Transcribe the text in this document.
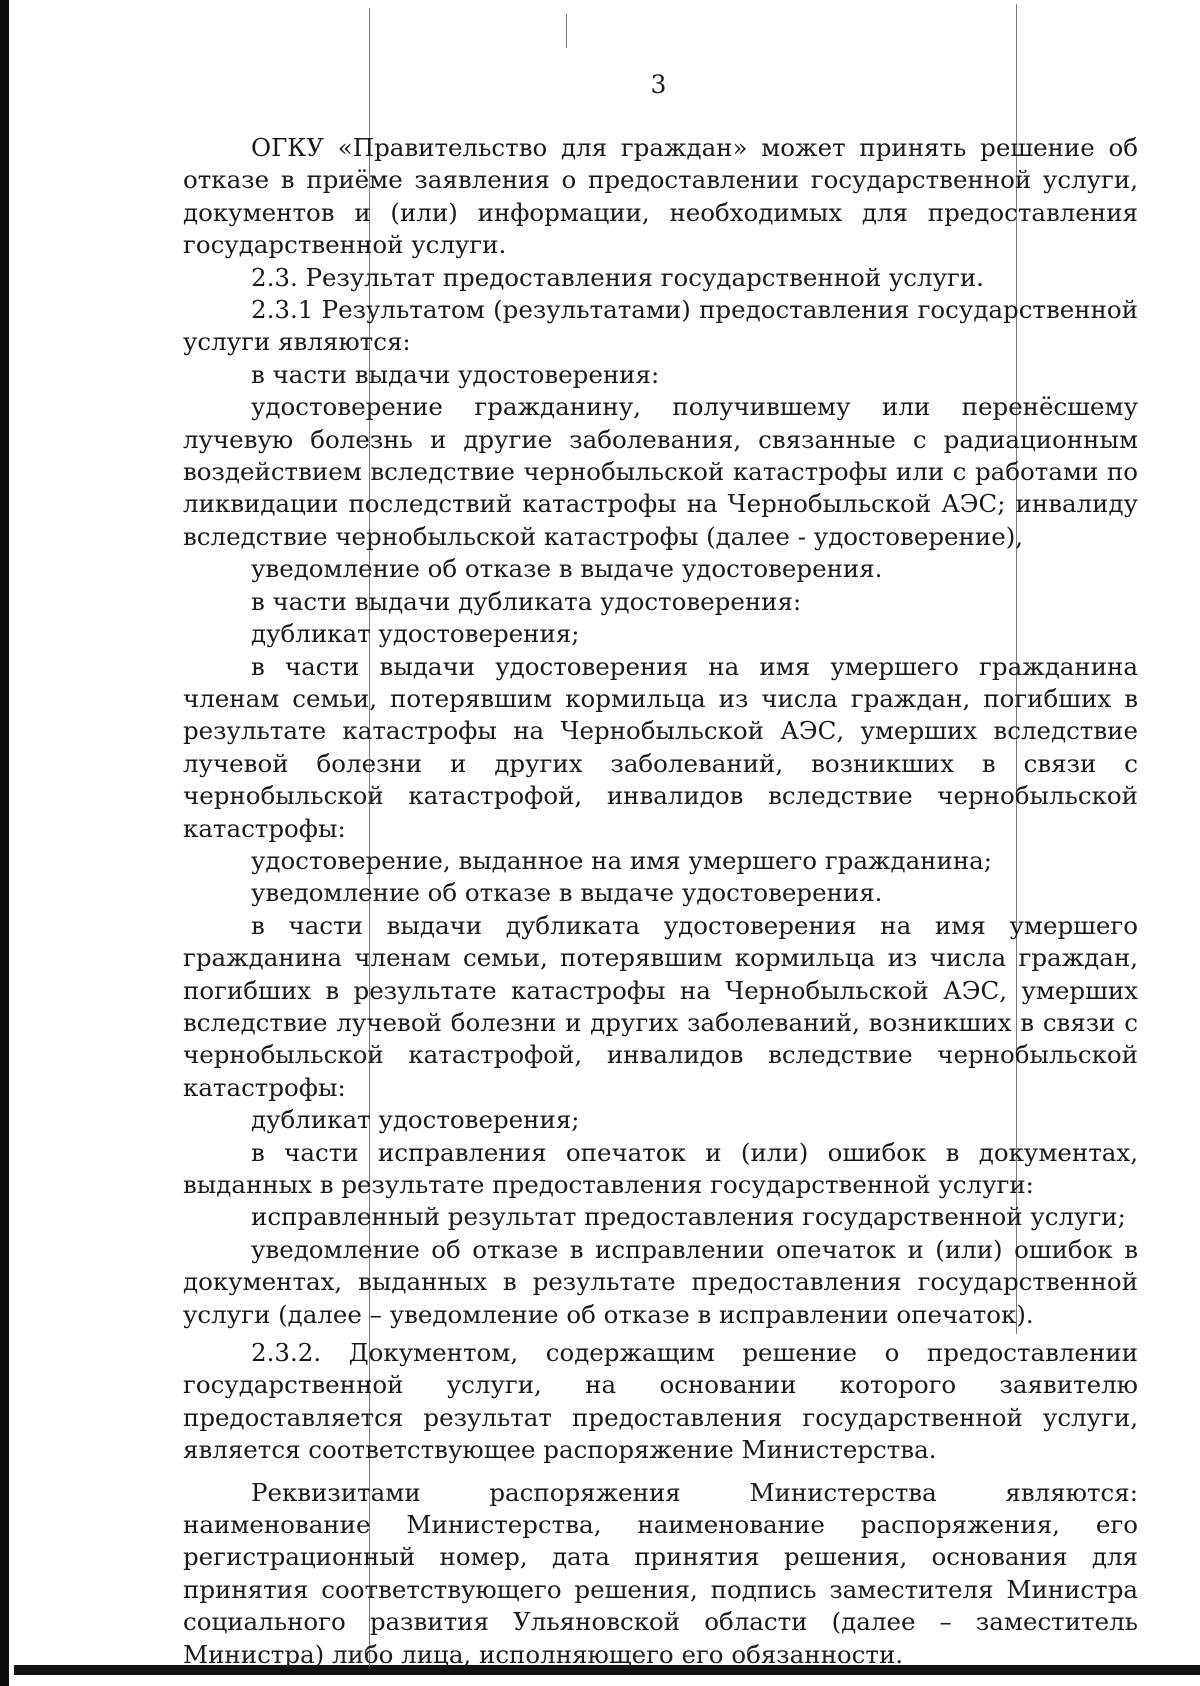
3

ОГКУ «Правительство для граждан» может принять решение об отказе в приёме заявления о предоставлении государственной услуги, документов и (или) информации, необходимых для предоставления государственной услуги.

2.3. Результат предоставления государственной услуги.

2.3.1 Результатом (результатами) предоставления государственной услуги являются:

в части выдачи удостоверения:

удостоверение гражданину, получившему или перенёсшему лучевую болезнь и другие заболевания, связанные с радиационным воздействием вследствие чернобыльской катастрофы или с работами по ликвидации последствий катастрофы на Чернобыльской АЭС; инвалиду вследствие чернобыльской катастрофы (далее - удостоверение),

уведомление об отказе в выдаче удостоверения.

в части выдачи дубликата удостоверения:

дубликат удостоверения;

в части выдачи удостоверения на имя умершего гражданина членам семьи, потерявшим кормильца из числа граждан, погибших в результате катастрофы на Чернобыльской АЭС, умерших вследствие лучевой болезни и других заболеваний, возникших в связи с чернобыльской катастрофой, инвалидов вследствие чернобыльской катастрофы:

удостоверение, выданное на имя умершего гражданина;

уведомление об отказе в выдаче удостоверения.

в части выдачи дубликата удостоверения на имя умершего гражданина членам семьи, потерявшим кормильца из числа граждан, погибших в результате катастрофы на Чернобыльской АЭС, умерших вследствие лучевой болезни и других заболеваний, возникших в связи с чернобыльской катастрофой, инвалидов вследствие чернобыльской катастрофы:

дубликат удостоверения;

в части исправления опечаток и (или) ошибок в документах, выданных в результате предоставления государственной услуги:

исправленный результат предоставления государственной услуги;

уведомление об отказе в исправлении опечаток и (или) ошибок в документах, выданных в результате предоставления государственной услуги (далее – уведомление об отказе в исправлении опечаток).

2.3.2. Документом, содержащим решение о предоставлении государственной услуги, на основании которого заявителю предоставляется результат предоставления государственной услуги, является соответствующее распоряжение Министерства.

Реквизитами распоряжения Министерства являются: наименование Министерства, наименование распоряжения, его регистрационный номер, дата принятия решения, основания для принятия соответствующего решения, подпись заместителя Министра социального развития Ульяновской области (далее – заместитель Министра) либо лица, исполняющего его обязанности.
